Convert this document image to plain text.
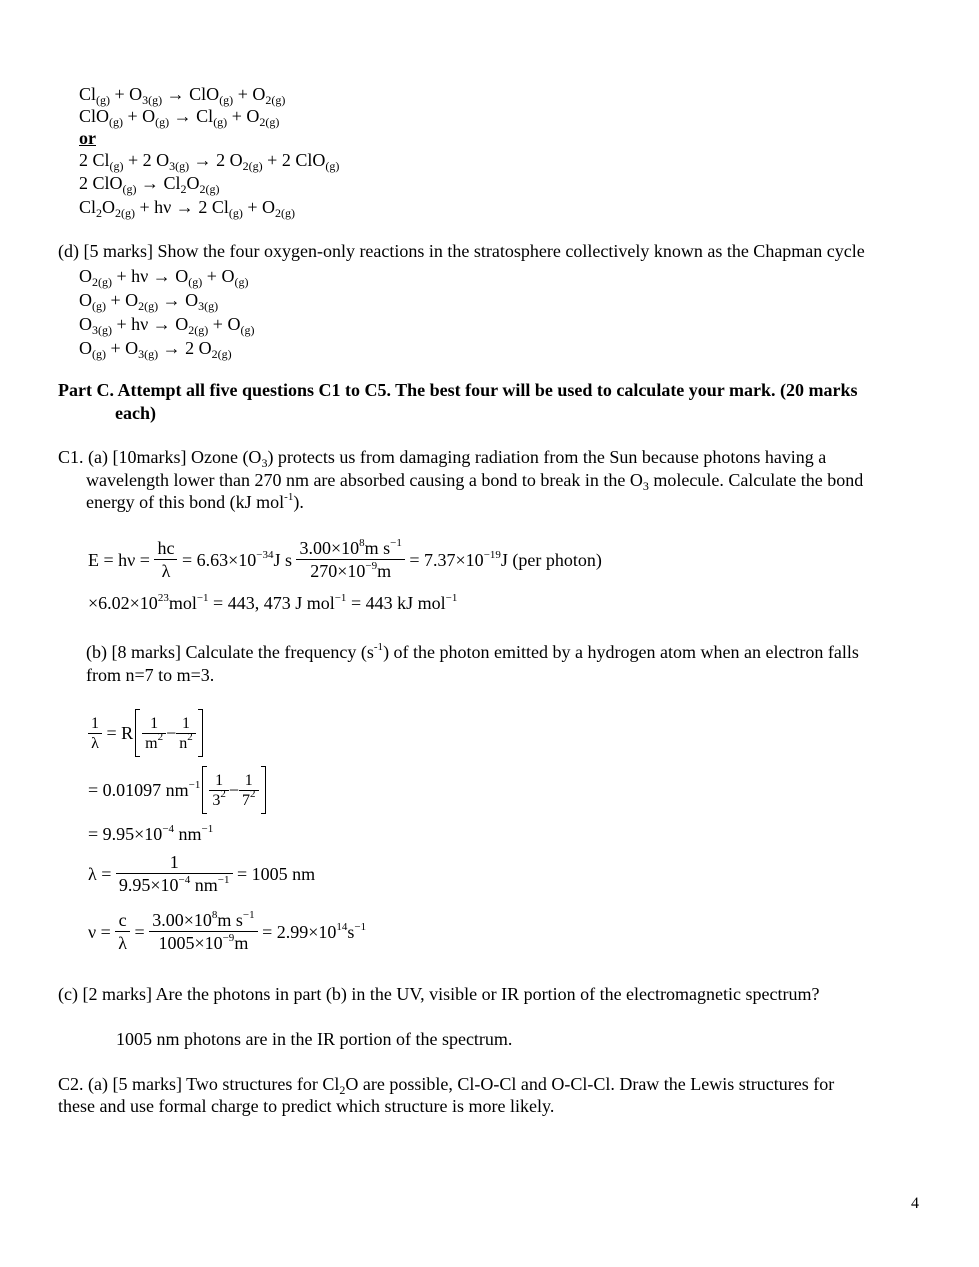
$Cl_{(g)} + O_{3(g)} \to ClO_{(g)} + O_{2(g)}$
$ClO_{(g)} + O_{(g)} \to Cl_{(g)} + O_{2(g)}$
or
2 $Cl_{(g)} + 2$ $O_{3(g)} \to 2$ $O_{2(g)} + 2$ ClO$_{(g)}$
2 $ClO_{(g)} \to Cl_2O_{2(g)}$
$Cl_2O_{2(g)} + h\nu \to 2$ $Cl_{(g)} + O_{2(g)}$
(d) [5 marks] Show the four oxygen-only reactions in the stratosphere collectively known as the Chapman cycle
$O_{2(g)} + h\nu \to O_{(g)} + O_{(g)}$
$O_{(g)} + O_{2(g)} \to O_{3(g)}$
$O_{3(g)} + h\nu \to O_{2(g)} + O_{(g)}$
$O_{(g)} + O_{3(g)} \to 2$ $O_{2(g)}$
Part C. Attempt all five questions C1 to C5. The best four will be used to calculate your mark. (20 marks
each)
C1. (a) [10marks] Ozone $(O_3)$ protects us from damaging radiation from the Sun because photons having a
wavelength lower than 270 nm are absorbed causing a bond to break in the $O_3$ molecule. Calculate the bond
energy of this bond (kJ mol$^{-1}$).
E = hν =
$\frac{hc}{\lambda} = 6.63\times 10^{-34}J$ s $\frac{3.00\times 10^8m s^{-1}}{270\times 10^{-9}m} = 7.37\times 10^{-19}J$ (per photon)
$\times 6.02\times 10^{23}mol^{-1} = 443$, 473 J mol$^{-1}$ = 443 kJ mol$^{-1}$
(b) [8 marks] Calculate the frequency $(s^{-1})$ of the photon emitted by a hydrogen atom when an electron falls
from n=7 to m=3.
$\frac{1}{\lambda} = R \frac{1}{m^2} - \frac{1}{n^2}$
= 0.01097 $nm^{-1} \frac{1}{3^2} - \frac{1}{7^2}$
= $9.95\times 10^{-4}$ $nm^{-1}$
λ =
$\frac{1}{9.95\times 10^{-4} nm^{-1}} = 1005$ nm
ν =
$\frac{c}{\lambda} = \frac{3.00\times 10^8m s^{-1}}{1005\times 10^{-9}m} = 2.99\times 10^{14}s^{-1}$
(c) [2 marks] Are the photons in part (b) in the UV, visible or IR portion of the electromagnetic spectrum?
1005 nm photons are in the IR portion of the spectrum.
C2. (a) [5 marks] Two structures for $Cl_2O$ are possible, Cl-O-Cl and O-Cl-Cl. Draw the Lewis structures for
these and use formal charge to predict which structure is more likely.
4
